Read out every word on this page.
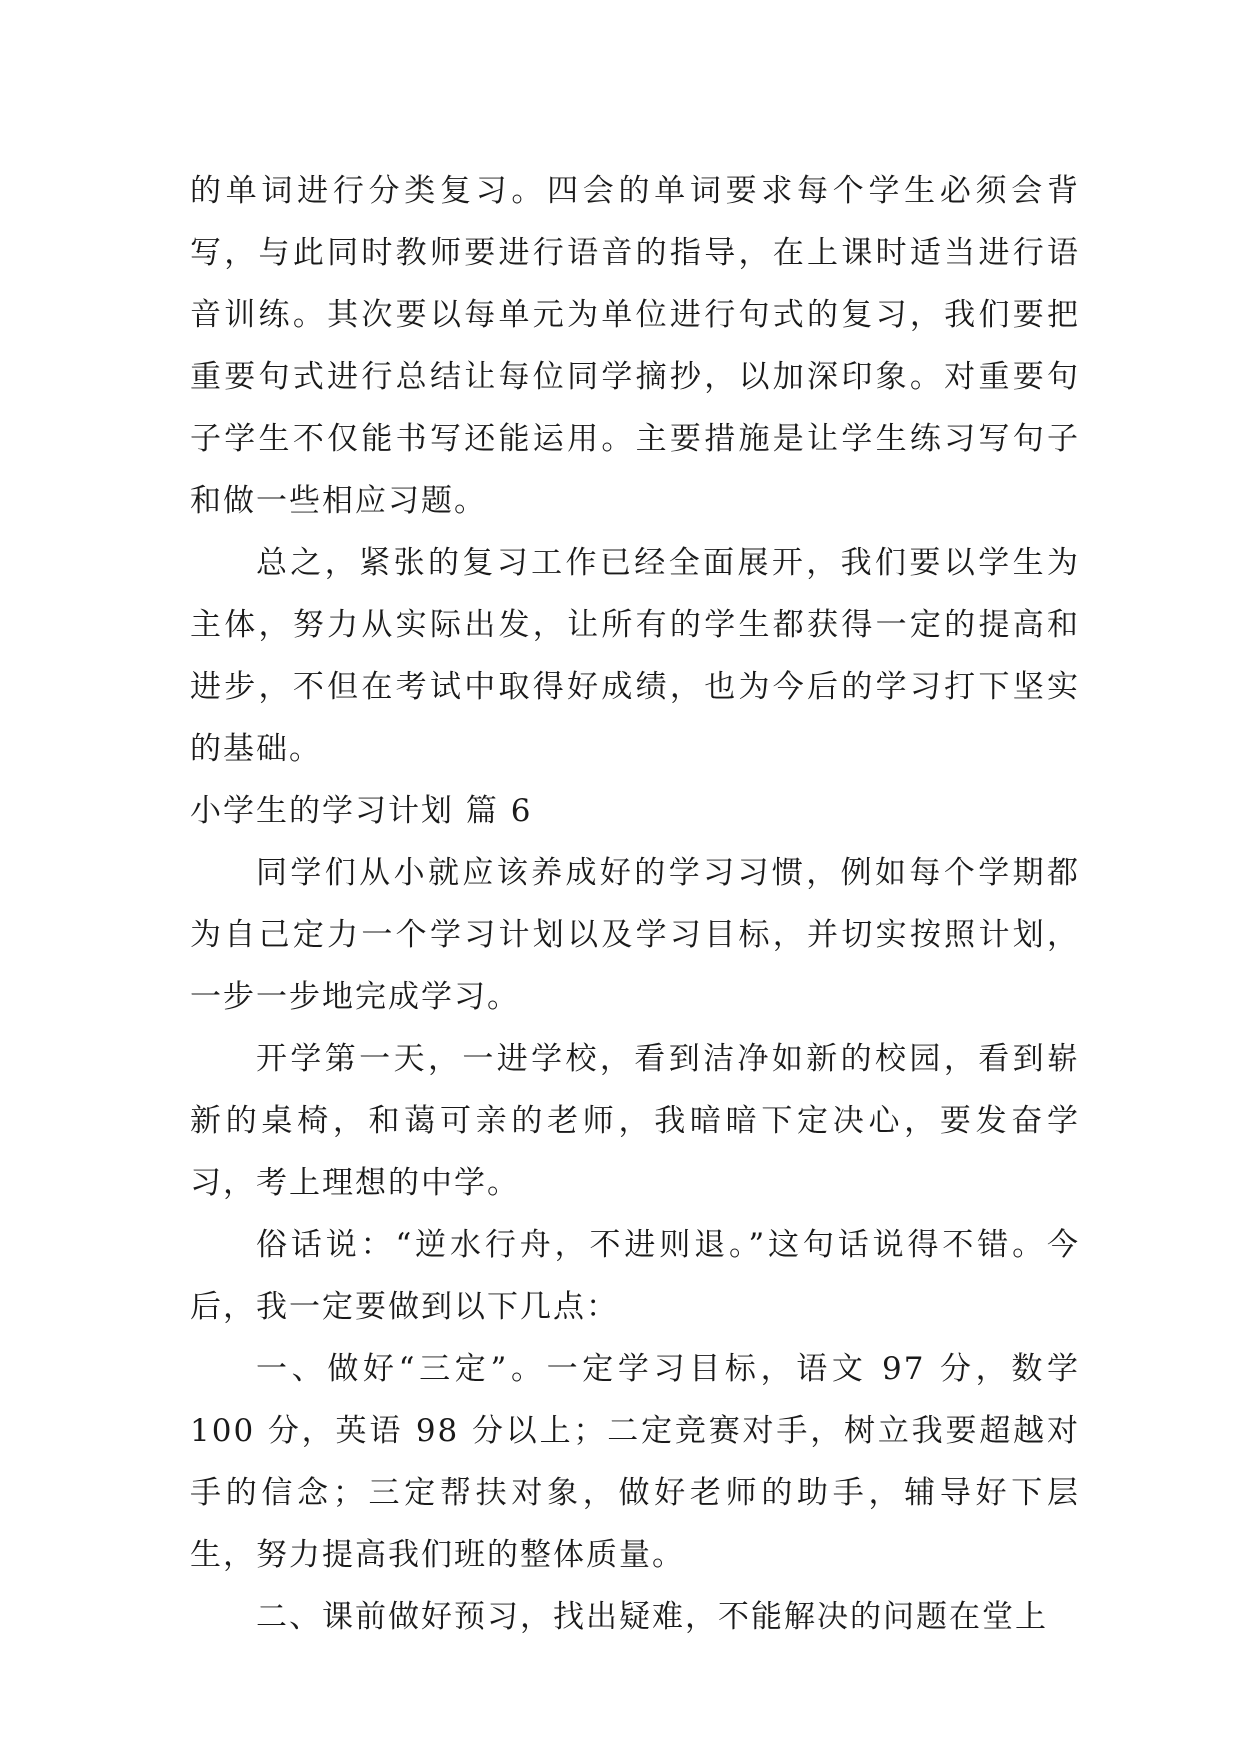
的单词进行分类复习。四会的单词要求每个学生必须会背写，与此同时教师要进行语音的指导，在上课时适当进行语音训练。其次要以每单元为单位进行句式的复习，我们要把重要句式进行总结让每位同学摘抄，以加深印象。对重要句子学生不仅能书写还能运用。主要措施是让学生练习写句子和做一些相应习题。

总之，紧张的复习工作已经全面展开，我们要以学生为主体，努力从实际出发，让所有的学生都获得一定的提高和进步，不但在考试中取得好成绩，也为今后的学习打下坚实的基础。

小学生的学习计划 篇 6

同学们从小就应该养成好的学习习惯，例如每个学期都为自己定力一个学习计划以及学习目标，并切实按照计划，一步一步地完成学习。

开学第一天，一进学校，看到洁净如新的校园，看到崭新的桌椅，和蔼可亲的老师，我暗暗下定决心，要发奋学习，考上理想的中学。

俗话说：“逆水行舟，不进则退。”这句话说得不错。今后，我一定要做到以下几点：

一、做好“三定”。一定学习目标，语文 97 分，数学 100 分，英语 98 分以上；二定竞赛对手，树立我要超越对手的信念；三定帮扶对象，做好老师的助手，辅导好下层生，努力提高我们班的整体质量。

二、课前做好预习，找出疑难，不能解决的问题在堂上
